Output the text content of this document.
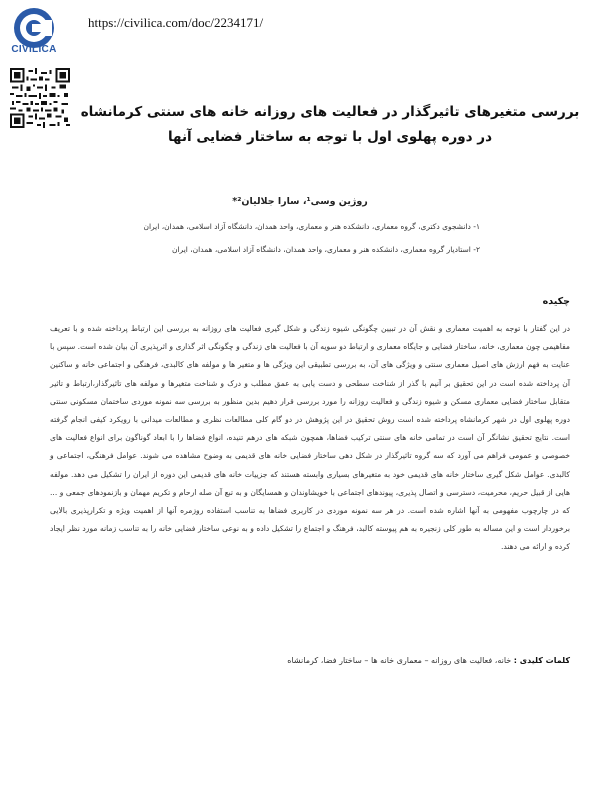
CIVILICA
https://civilica.com/doc/2234171/
بررسی متغیرهای تاثیرگذار در فعالیت های روزانه خانه های سنتی کرمانشاه در دوره پهلوی اول با توجه به ساختار فضایی آنها
روژین وسی¹، سارا جلالیان²*
۱- دانشجوی دکتری، گروه معماری، دانشکده هنر و معماری، واحد همدان، دانشگاه آزاد اسلامی، همدان، ایران
۲- استادیار گروه معماری، دانشکده هنر و معماری، واحد همدان، دانشگاه آزاد اسلامی، همدان، ایران
چکیده
در این گفتار با توجه به اهمیت معماری و نقش آن در تبیین چگونگی شیوه زندگی و شکل گیری فعالیت های روزانه به بررسی این ارتباط پرداخته شده و با تعریف مفاهیمی چون معماری، خانه، ساختار فضایی و جایگاه معماری و ارتباط دو سویه آن با فعالیت های زندگی و چگونگی اثر گذاری و اثرپذیری آن بیان شده است. سپس با عنایت به فهم ارزش های اصیل معماری سنتی و ویژگی های آن، به بررسی تطبیقی این ویژگی ها و متغیر ها و مولفه های کالبدی، فرهنگی و اجتماعی خانه و ساکنین آن پرداخته شده است در این تحقیق بر آنیم با گذر از شناخت سطحی و دست یابی به عمق مطلب و درک و شناخت متغیرها و مولفه های تاثیرگذار،ارتباط و تاثیر متقابل ساختار فضایی معماری مسکن و شیوه زندگی و فعالیت روزانه را مورد بررسی قرار دهیم بدین منظور به بررسی سه نمونه موردی ساختمان مسکونی سنتی دوره پهلوی اول در شهر کرمانشاه پرداخته شده است روش تحقیق در این پژوهش در دو گام کلی مطالعات نظری و مطالعات میدانی با رویکرد کیفی انجام گرفته است. نتایج تحقیق نشانگر آن است در تمامی خانه های سنتی ترکیب فضاها، همچون شبکه های درهم تنیده، انواع فضاها را با ابعاد گوناگون برای انواع فعالیت های خصوصی و عمومی فراهم می آورد که سه گروه تاثیرگذار در شکل دهی ساختار فضایی خانه های قدیمی به وضوح مشاهده می شوند. عوامل فرهنگی، اجتماعی و کالبدی. عوامل شکل گیری ساختار خانه های قدیمی خود به متغیرهای بسیاری وابسته هستند که جزییات خانه های قدیمی این دوره از ایران را تشکیل می دهد. مولفه هایی از قبیل حریم، محرمیت، دسترسی و اتصال پذیری، پیوندهای اجتماعی با خویشاوندان و همسایگان و به تبع آن صله ارحام و تکریم مهمان و بازنمودهای جمعی و ... که در چارچوب مفهومی به آنها اشاره شده است. در هر سه نمونه موردی در کاربری فضاها به تناسب استفاده روزمره آنها از اهمیت ویژه و تکرارپذیری بالایی برخوردار است و این مساله به طور کلی زنجیره به هم پیوسته کالبد، فرهنگ و اجتماع را تشکیل داده و به نوعی ساختار فضایی خانه را به تناسب زمانه مورد نظر ایجاد کرده و ارائه می دهند.
کلمات کلیدی : خانه، فعالیت های روزانه – معماری خانه ها – ساختار فضا، کرمانشاه
